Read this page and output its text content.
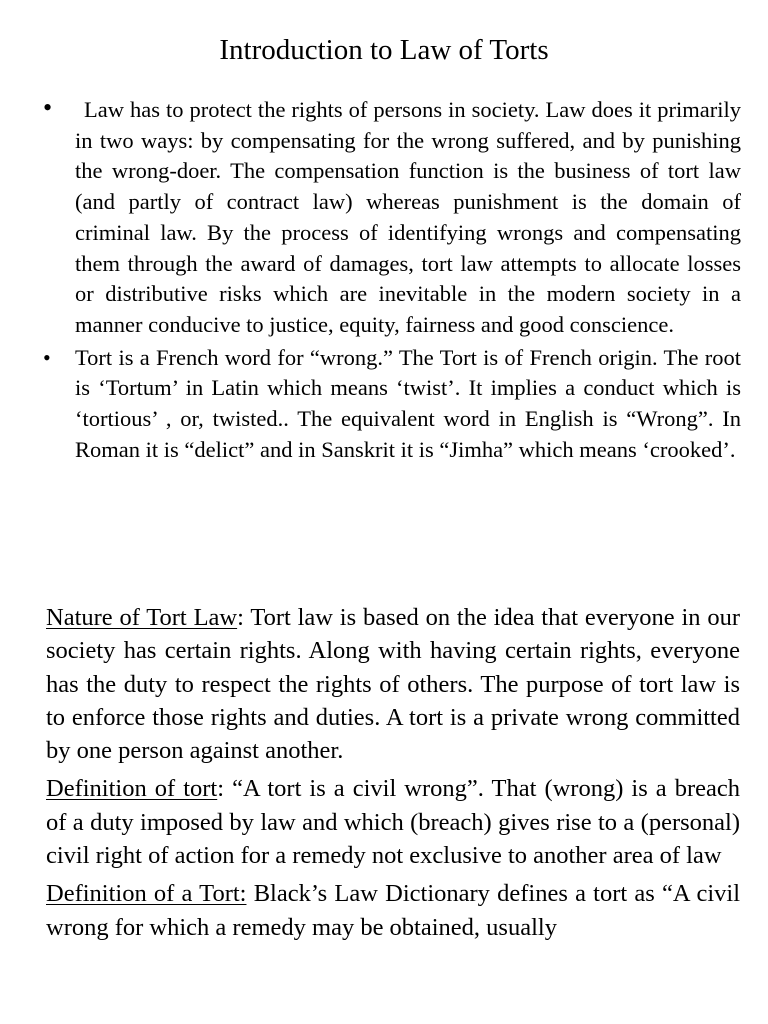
Introduction to Law of Torts
• Law has to protect the rights of persons in society. Law does it primarily in two ways: by compensating for the wrong suffered, and by punishing the wrong-doer. The compensation function is the business of tort law (and partly of contract law) whereas punishment is the domain of criminal law. By the process of identifying wrongs and compensating them through the award of damages, tort law attempts to allocate losses or distributive risks which are inevitable in the modern society in a manner conducive to justice, equity, fairness and good conscience.
• Tort is a French word for “wrong.” The Tort is of French origin. The root is ‘Tortum’ in Latin which means ‘twist’. It implies a conduct which is ‘tortious’ , or, twisted.. The equivalent word in English is “Wrong”. In Roman it is “delict” and in Sanskrit it is “Jimha” which means ‘crooked’.

Nature of Tort Law: Tort law is based on the idea that everyone in our society has certain rights. Along with having certain rights, everyone has the duty to respect the rights of others. The purpose of tort law is to enforce those rights and duties. A tort is a private wrong committed by one person against another.

Definition of tort: “A tort is a civil wrong”. That (wrong) is a breach of a duty imposed by law and which (breach) gives rise to a (personal) civil right of action for a remedy not exclusive to another area of law

Definition of a Tort: Black’s Law Dictionary defines a tort as “A civil wrong for which a remedy may be obtained, usually
